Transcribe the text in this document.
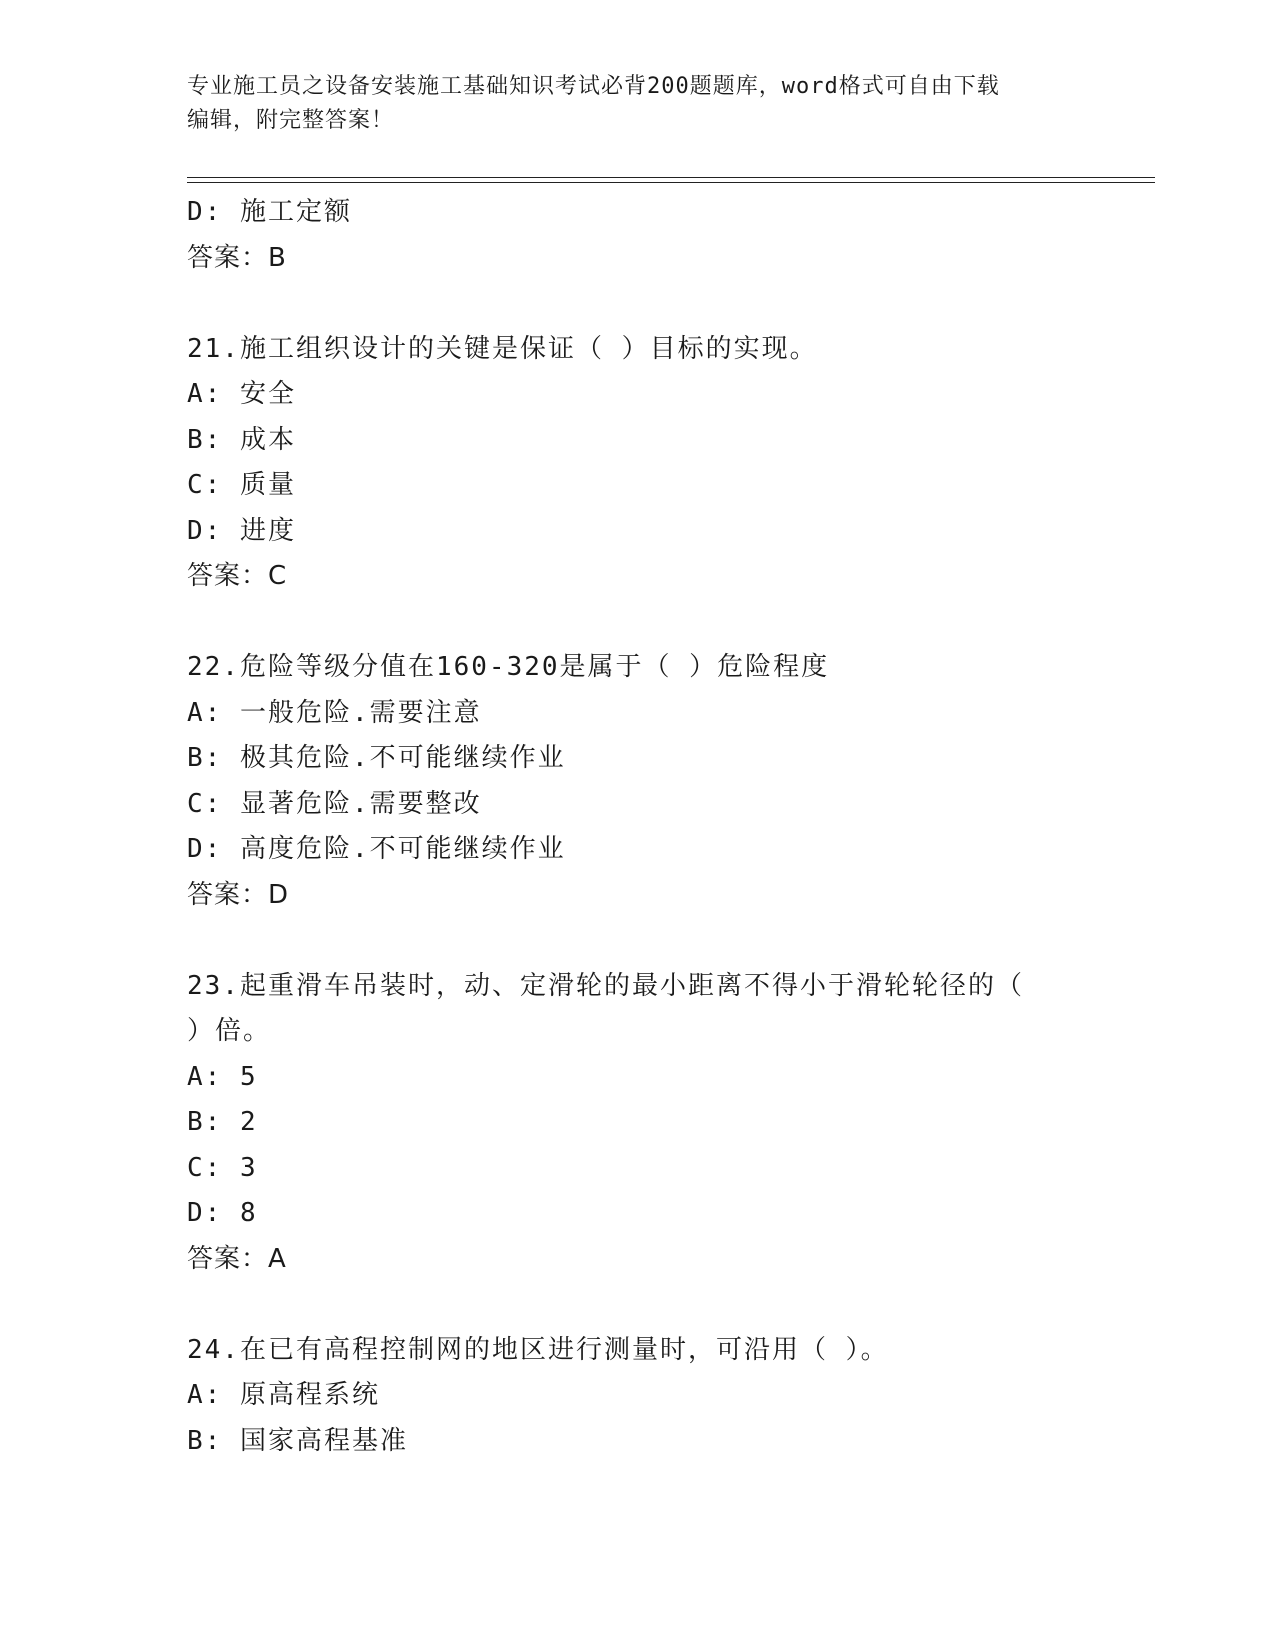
专业施工员之设备安装施工基础知识考试必背200题题库，word格式可自由下载
编辑，附完整答案！
D: 施工定额
答案：B
21.施工组织设计的关键是保证（ ）目标的实现。
A: 安全
B: 成本
C: 质量
D: 进度
答案：C
22.危险等级分值在160-320是属于（ ）危险程度
A: 一般危险.需要注意
B: 极其危险.不可能继续作业
C: 显著危险.需要整改
D: 高度危险.不可能继续作业
答案：D
23.起重滑车吊装时，动、定滑轮的最小距离不得小于滑轮轮径的（
）倍。
A: 5
B: 2
C: 3
D: 8
答案：A
24.在已有高程控制网的地区进行测量时，可沿用（ ）。
A: 原高程系统
B: 国家高程基准
